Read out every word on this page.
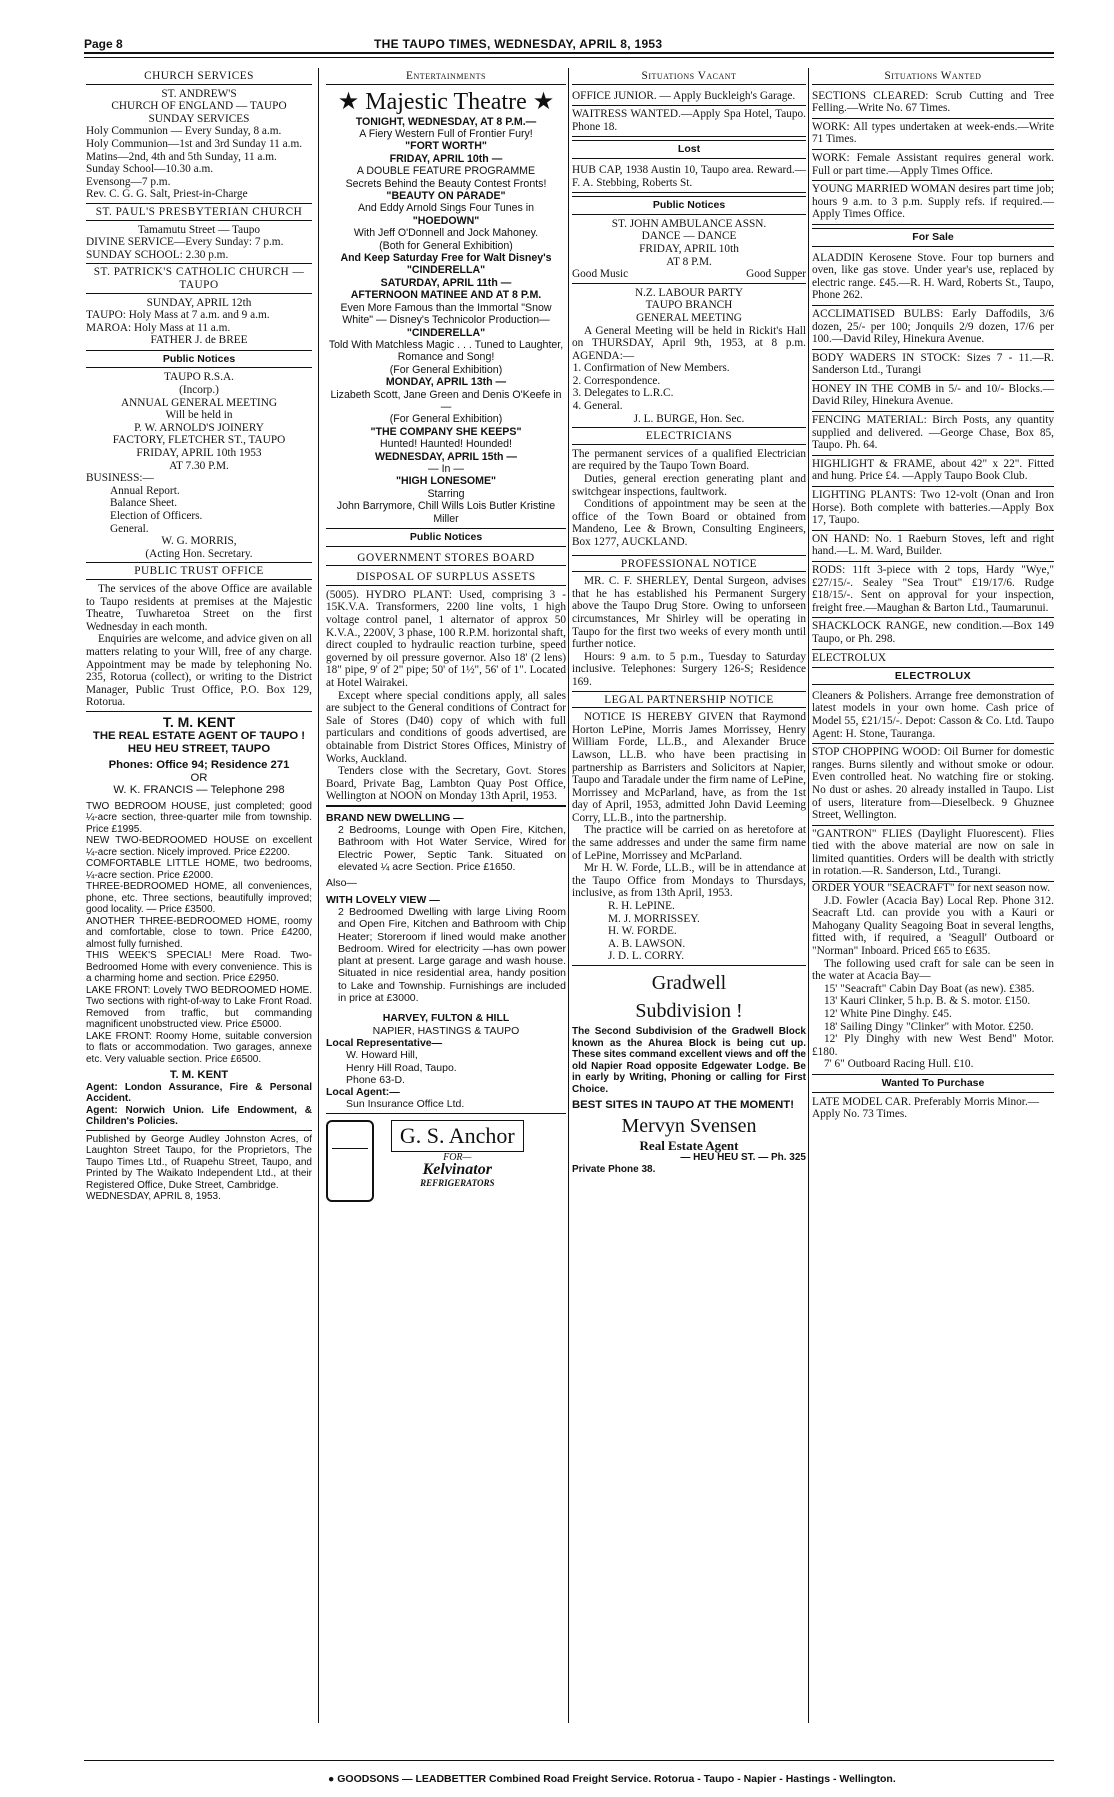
Page 8	THE TAUPO TIMES, WEDNESDAY, APRIL 8, 1953
CHURCH SERVICES

ST. ANDREW'S

CHURCH OF ENGLAND — TAUPO

SUNDAY SERVICES

Holy Communion — Every Sunday, 8 a.m.

Holy Communion—1st and 3rd Sunday 11 a.m.

Matins—2nd, 4th and 5th Sunday, 11 a.m.

Sunday School—10.30 a.m.

Evensong—7 p.m.

Rev. C. G. G. Salt, Priest-in-Charge

ST. PAUL'S PRESBYTERIAN CHURCH

Tamamutu Street — Taupo

DIVINE SERVICE—Every Sunday: 7 p.m.

SUNDAY SCHOOL: 2.30 p.m.

ST. PATRICK'S CATHOLIC CHURCH — TAUPO

SUNDAY, APRIL 12th

TAUPO: Holy Mass at 7 a.m. and 9 a.m.

MAROA: Holy Mass at 11 a.m.

FATHER J. de BREE

Public Notices

TAUPO R.S.A.

(Incorp.)

ANNUAL GENERAL MEETING

Will be held in

P. W. ARNOLD'S JOINERY

FACTORY, FLETCHER ST., TAUPO

FRIDAY, APRIL 10th 1953

AT 7.30 P.M.

BUSINESS:—

Annual Report.

Balance Sheet.

Election of Officers.

General.

W. G. MORRIS,

(Acting Hon. Secretary.

PUBLIC TRUST OFFICE

The services of the above Office are available to Taupo residents at premises at the Majestic Theatre, Tuwharetoa Street on the first Wednesday in each month.

Enquiries are welcome, and advice given on all matters relating to your Will, free of any charge. Appointment may be made by telephoning No. 235, Rotorua (collect), or writing to the District Manager, Public Trust Office, P.O. Box 129, Rotorua.

T. M. KENT

THE REAL ESTATE AGENT OF TAUPO !

HEU HEU STREET, TAUPO

Phones: Office 94; Residence 271

OR

W. K. FRANCIS — Telephone 298

TWO BEDROOM HOUSE, just completed; good ¼-acre section, three-quarter mile from township. Price £1995.

NEW TWO-BEDROOMED HOUSE on excellent ¼-acre section. Nicely improved. Price £2200.

COMFORTABLE LITTLE HOME, two bedrooms, ¼-acre section. Price £2000.

THREE-BEDROOMED HOME, all conveniences, phone, etc. Three sections, beautifully improved; good locality. — Price £3500.

ANOTHER THREE-BEDROOMED HOME, roomy and comfortable, close to town. Price £4200, almost fully furnished.

THIS WEEK'S SPECIAL! Mere Road. Two-Bedroomed Home with every convenience. This is a charming home and section. Price £2950.

LAKE FRONT: Lovely TWO BEDROOMED HOME. Two sections with right-of-way to Lake Front Road. Removed from traffic, but commanding magnificent unobstructed view. Price £5000.

LAKE FRONT: Roomy Home, suitable conversion to flats or accommodation. Two garages, annexe etc. Very valuable section. Price £6500.

T. M. KENT

Agent: London Assurance, Fire & Personal Accident.

Agent: Norwich Union. Life Endowment, & Children's Policies.

Published by George Audley Johnston Acres, of Laughton Street Taupo, for the Proprietors, The Taupo Times Ltd., of Ruapehu Street, Taupo, and Printed by The Waikato Independent Ltd., at their Registered Office, Duke Street, Cambridge.

WEDNESDAY, APRIL 8, 1953.

Entertainments
★ Majestic Theatre ★

TONIGHT, WEDNESDAY, AT 8 P.M.—

A Fiery Western Full of Frontier Fury!

"FORT WORTH"

FRIDAY, APRIL 10th —

A DOUBLE FEATURE PROGRAMME

Secrets Behind the Beauty Contest Fronts!

"BEAUTY ON PARADE"

And Eddy Arnold Sings Four Tunes in

"HOEDOWN"

With Jeff O'Donnell and Jock Mahoney.

(Both for General Exhibition)

And Keep Saturday Free for Walt Disney's "CINDERELLA"

SATURDAY, APRIL 11th —

AFTERNOON MATINEE AND AT 8 P.M.

Even More Famous than the Immortal "Snow White" — Disney's Technicolor Production—

"CINDERELLA"

Told With Matchless Magic . . . Tuned to Laughter, Romance and Song!

(For General Exhibition)

MONDAY, APRIL 13th —

Lizabeth Scott, Jane Green and Denis O'Keefe in —

(For General Exhibition)

"THE COMPANY SHE KEEPS"

Hunted! Haunted! Hounded!

WEDNESDAY, APRIL 15th —

— In —

"HIGH LONESOME"

Starring

John Barrymore, Chill Wills Lois Butler Kristine Miller

Public Notices
GOVERNMENT STORES BOARD
DISPOSAL OF SURPLUS ASSETS

(5005). HYDRO PLANT: Used, comprising 3 - 15K.V.A. Transformers, 2200 line volts, 1 high voltage control panel, 1 alternator of approx 50 K.V.A., 2200V, 3 phase, 100 R.P.M. horizontal shaft, direct coupled to hydraulic reaction turbine, speed governed by oil pressure governor. Also 18' (2 lens) 18" pipe, 9' of 2" pipe; 50' of 1½", 56' of 1". Located at Hotel Wairakei.

Except where special conditions apply, all sales are subject to the General conditions of Contract for Sale of Stores (D40) copy of which with full particulars and conditions of goods advertised, are obtainable from District Stores Offices, Ministry of Works, Auckland.

Tenders close with the Secretary, Govt. Stores Board, Private Bag, Lambton Quay Post Office, Wellington at NOON on Monday 13th April, 1953.

BRAND NEW DWELLING —

2 Bedrooms, Lounge with Open Fire, Kitchen, Bathroom with Hot Water Service, Wired for Electric Power, Septic Tank. Situated on elevated ¼ acre Section. Price £1650.

Also—

WITH LOVELY VIEW —

2 Bedroomed Dwelling with large Living Room and Open Fire, Kitchen and Bathroom with Chip Heater; Storeroom if lined would make another Bedroom. Wired for electricity —has own power plant at present. Large garage and wash house. Situated in nice residential area, handy position to Lake and Township. Furnishings are included in price at £3000.

HARVEY, FULTON & HILL

NAPIER, HASTINGS & TAUPO

Local Representative—

W. Howard Hill,

Henry Hill Road, Taupo.

Phone 63-D.

Local Agent:—

Sun Insurance Office Ltd.

G. S. Anchor
FOR—
Kelvinator
REFRIGERATORS
Situations Vacant
OFFICE JUNIOR. — Apply Buckleigh's Garage.
WAITRESS WANTED.—Apply Spa Hotel, Taupo. Phone 18.
Lost
HUB CAP, 1938 Austin 10, Taupo area. Reward.—F. A. Stebbing, Roberts St.
Public Notices

ST. JOHN AMBULANCE ASSN.

DANCE — DANCE

FRIDAY, APRIL 10th

AT 8 P.M.

Good Music	Good Supper

N.Z. LABOUR PARTY

TAUPO BRANCH

GENERAL MEETING

A General Meeting will be held in Rickit's Hall on THURSDAY, April 9th, 1953, at 8 p.m. AGENDA:—

1. Confirmation of New Members.
2. Correspondence.
3. Delegates to L.R.C.
4. General.

J. L. BURGE, Hon. Sec.

ELECTRICIANS

The permanent services of a qualified Electrician are required by the Taupo Town Board.

Duties, general erection generating plant and switchgear inspections, faultwork.

Conditions of appointment may be seen at the office of the Town Board or obtained from Mandeno, Lee & Brown, Consulting Engineers, Box 1277, AUCKLAND.

PROFESSIONAL NOTICE

MR. C. F. SHERLEY, Dental Surgeon, advises that he has established his Permanent Surgery above the Taupo Drug Store. Owing to unforseen circumstances, Mr Shirley will be operating in Taupo for the first two weeks of every month until further notice.

Hours: 9 a.m. to 5 p.m., Tuesday to Saturday inclusive. Telephones: Surgery 126-S; Residence 169.

LEGAL PARTNERSHIP NOTICE

NOTICE IS HEREBY GIVEN that Raymond Horton LePine, Morris James Morrissey, Henry William Forde, LL.B., and Alexander Bruce Lawson, LL.B. who have been practising in partnership as Barristers and Solicitors at Napier, Taupo and Taradale under the firm name of LePine, Morrissey and McParland, have, as from the 1st day of April, 1953, admitted John David Leeming Corry, LL.B., into the partnership.

The practice will be carried on as heretofore at the same addresses and under the same firm name of LePine, Morrissey and McParland.

Mr H. W. Forde, LL.B., will be in attendance at the Taupo Office from Mondays to Thursdays, inclusive, as from 13th April, 1953.

R. H. LePINE.

M. J. MORRISSEY.

H. W. FORDE.

A. B. LAWSON.

J. D. L. CORRY.

Gradwell

Subdivision !

The Second Subdivision of the Gradwell Block known as the Ahurea Block is being cut up. These sites command excellent views and off the old Napier Road opposite Edgewater Lodge. Be in early by Writing, Phoning or calling for First Choice.

BEST SITES IN TAUPO AT THE MOMENT!

Mervyn Svensen

Real Estate Agent

— HEU HEU ST. — Ph. 325

Private Phone 38.

Situations Wanted
SECTIONS CLEARED: Scrub Cutting and Tree Felling.—Write No. 67 Times.
WORK: All types undertaken at week-ends.—Write 71 Times.
WORK: Female Assistant requires general work. Full or part time.—Apply Times Office.
YOUNG MARRIED WOMAN desires part time job; hours 9 a.m. to 3 p.m. Supply refs. if required.— Apply Times Office.
For Sale
ALADDIN Kerosene Stove. Four top burners and oven, like gas stove. Under year's use, replaced by electric range. £45.—R. H. Ward, Roberts St., Taupo, Phone 262.
ACCLIMATISED BULBS: Early Daffodils, 3/6 dozen, 25/- per 100; Jonquils 2/9 dozen, 17/6 per 100.—David Riley, Hinekura Avenue.
BODY WADERS IN STOCK: Sizes 7 - 11.—R. Sanderson Ltd., Turangi
HONEY IN THE COMB in 5/- and 10/- Blocks.—David Riley, Hinekura Avenue.
FENCING MATERIAL: Birch Posts, any quantity supplied and delivered. —George Chase, Box 85, Taupo. Ph. 64.
HIGHLIGHT & FRAME, about 42" x 22". Fitted and hung. Price £4. —Apply Taupo Book Club.
LIGHTING PLANTS: Two 12-volt (Onan and Iron Horse). Both complete with batteries.—Apply Box 17, Taupo.
ON HAND: No. 1 Raeburn Stoves, left and right hand.—L. M. Ward, Builder.
RODS: 11ft 3-piece with 2 tops, Hardy "Wye," £27/15/-. Sealey "Sea Trout" £19/17/6. Rudge £18/15/-. Sent on approval for your inspection, freight free.—Maughan & Barton Ltd., Taumarunui.
SHACKLOCK RANGE, new condition.—Box 149 Taupo, or Ph. 298.
ELECTROLUX
ELECTROLUX
Cleaners & Polishers. Arrange free demonstration of latest models in your own home. Cash price of Model 55, £21/15/-. Depot: Casson & Co. Ltd. Taupo Agent: H. Stone, Tauranga.
STOP CHOPPING WOOD: Oil Burner for domestic ranges. Burns silently and without smoke or odour. Even controlled heat. No watching fire or stoking. No dust or ashes. 20 already installed in Taupo. List of users, literature from—Dieselbeck. 9 Ghuznee Street, Wellington.
"GANTRON" FLIES (Daylight Fluorescent). Flies tied with the above material are now on sale in limited quantities. Orders will be dealth with strictly in rotation.—R. Sanderson, Ltd., Turangi.

ORDER YOUR "SEACRAFT" for next season now.

J.D. Fowler (Acacia Bay) Local Rep. Phone 312. Seacraft Ltd. can provide you with a Kauri or Mahogany Quality Seagoing Boat in several lengths, fitted with, if required, a 'Seagull' Outboard or "Norman" Inboard. Priced £65 to £635.

The following used craft for sale can be seen in the water at Acacia Bay—

15' "Seacraft" Cabin Day Boat (as new). £385.

13' Kauri Clinker, 5 h.p. B. & S. motor. £150.

12' White Pine Dinghy. £45.

18' Sailing Dingy "Clinker" with Motor. £250.

12' Ply Dinghy with new West Bend" Motor. £180.

7' 6" Outboard Racing Hull. £10.

Wanted To Purchase
LATE MODEL CAR. Preferably Morris Minor.—Apply No. 73 Times.
● GOODSONS — LEADBETTER Combined Road Freight Service. Rotorua - Taupo - Napier - Hastings - Wellington.
